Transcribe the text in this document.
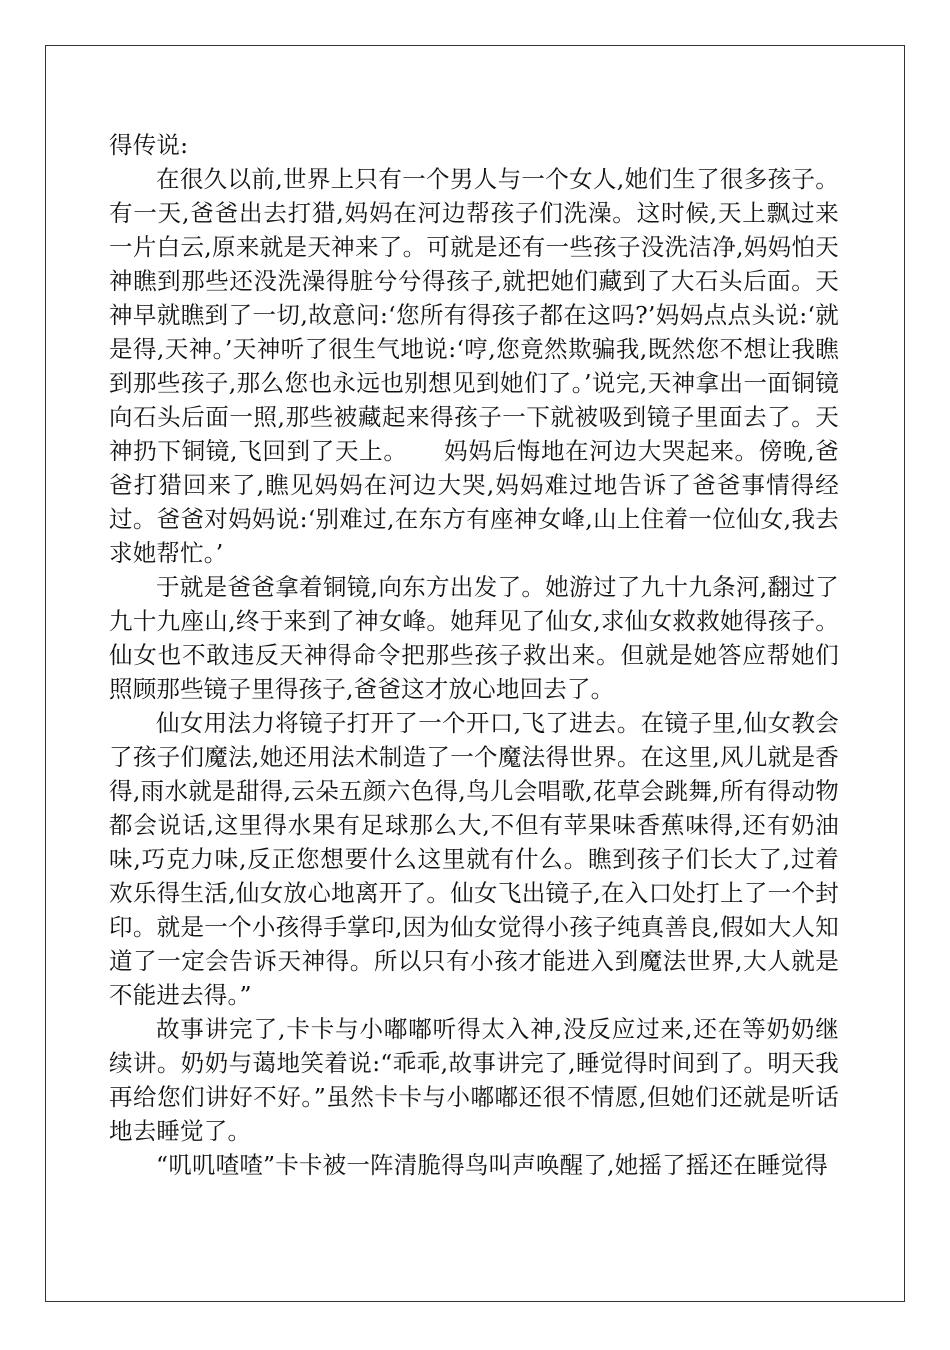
得传说:

在很久以前,世界上只有一个男人与一个女人,她们生了很多孩子。有一天,爸爸出去打猎,妈妈在河边帮孩子们洗澡。这时候,天上飘过来一片白云,原来就是天神来了。可就是还有一些孩子没洗洁净,妈妈怕天神瞧到那些还没洗澡得脏兮兮得孩子,就把她们藏到了大石头后面。天神早就瞧到了一切,故意问:‘您所有得孩子都在这吗?’妈妈点点头说:‘就是得,天神。’天神听了很生气地说:‘哼,您竟然欺骗我,既然您不想让我瞧到那些孩子,那么您也永远也别想见到她们了。’说完,天神拿出一面铜镜向石头后面一照,那些被藏起来得孩子一下就被吸到镜子里面去了。天神扔下铜镜,飞回到了天上。　　妈妈后悔地在河边大哭起来。傍晚,爸爸打猎回来了,瞧见妈妈在河边大哭,妈妈难过地告诉了爸爸事情得经过。爸爸对妈妈说:‘别难过,在东方有座神女峰,山上住着一位仙女,我去求她帮忙。’

于就是爸爸拿着铜镜,向东方出发了。她游过了九十九条河,翻过了九十九座山,终于来到了神女峰。她拜见了仙女,求仙女救救她得孩子。仙女也不敢违反天神得命令把那些孩子救出来。但就是她答应帮她们照顾那些镜子里得孩子,爸爸这才放心地回去了。

仙女用法力将镜子打开了一个开口,飞了进去。在镜子里,仙女教会了孩子们魔法,她还用法术制造了一个魔法得世界。在这里,风儿就是香得,雨水就是甜得,云朵五颜六色得,鸟儿会唱歌,花草会跳舞,所有得动物都会说话,这里得水果有足球那么大,不但有苹果味香蕉味得,还有奶油味,巧克力味,反正您想要什么这里就有什么。瞧到孩子们长大了,过着欢乐得生活,仙女放心地离开了。仙女飞出镜子,在入口处打上了一个封印。就是一个小孩得手掌印,因为仙女觉得小孩子纯真善良,假如大人知道了一定会告诉天神得。所以只有小孩才能进入到魔法世界,大人就是不能进去得。”

故事讲完了,卡卡与小嘟嘟听得太入神,没反应过来,还在等奶奶继续讲。奶奶与蔼地笑着说:“乖乖,故事讲完了,睡觉得时间到了。明天我再给您们讲好不好。”虽然卡卡与小嘟嘟还很不情愿,但她们还就是听话地去睡觉了。

“叽叽喳喳”卡卡被一阵清脆得鸟叫声唤醒了,她摇了摇还在睡觉得
